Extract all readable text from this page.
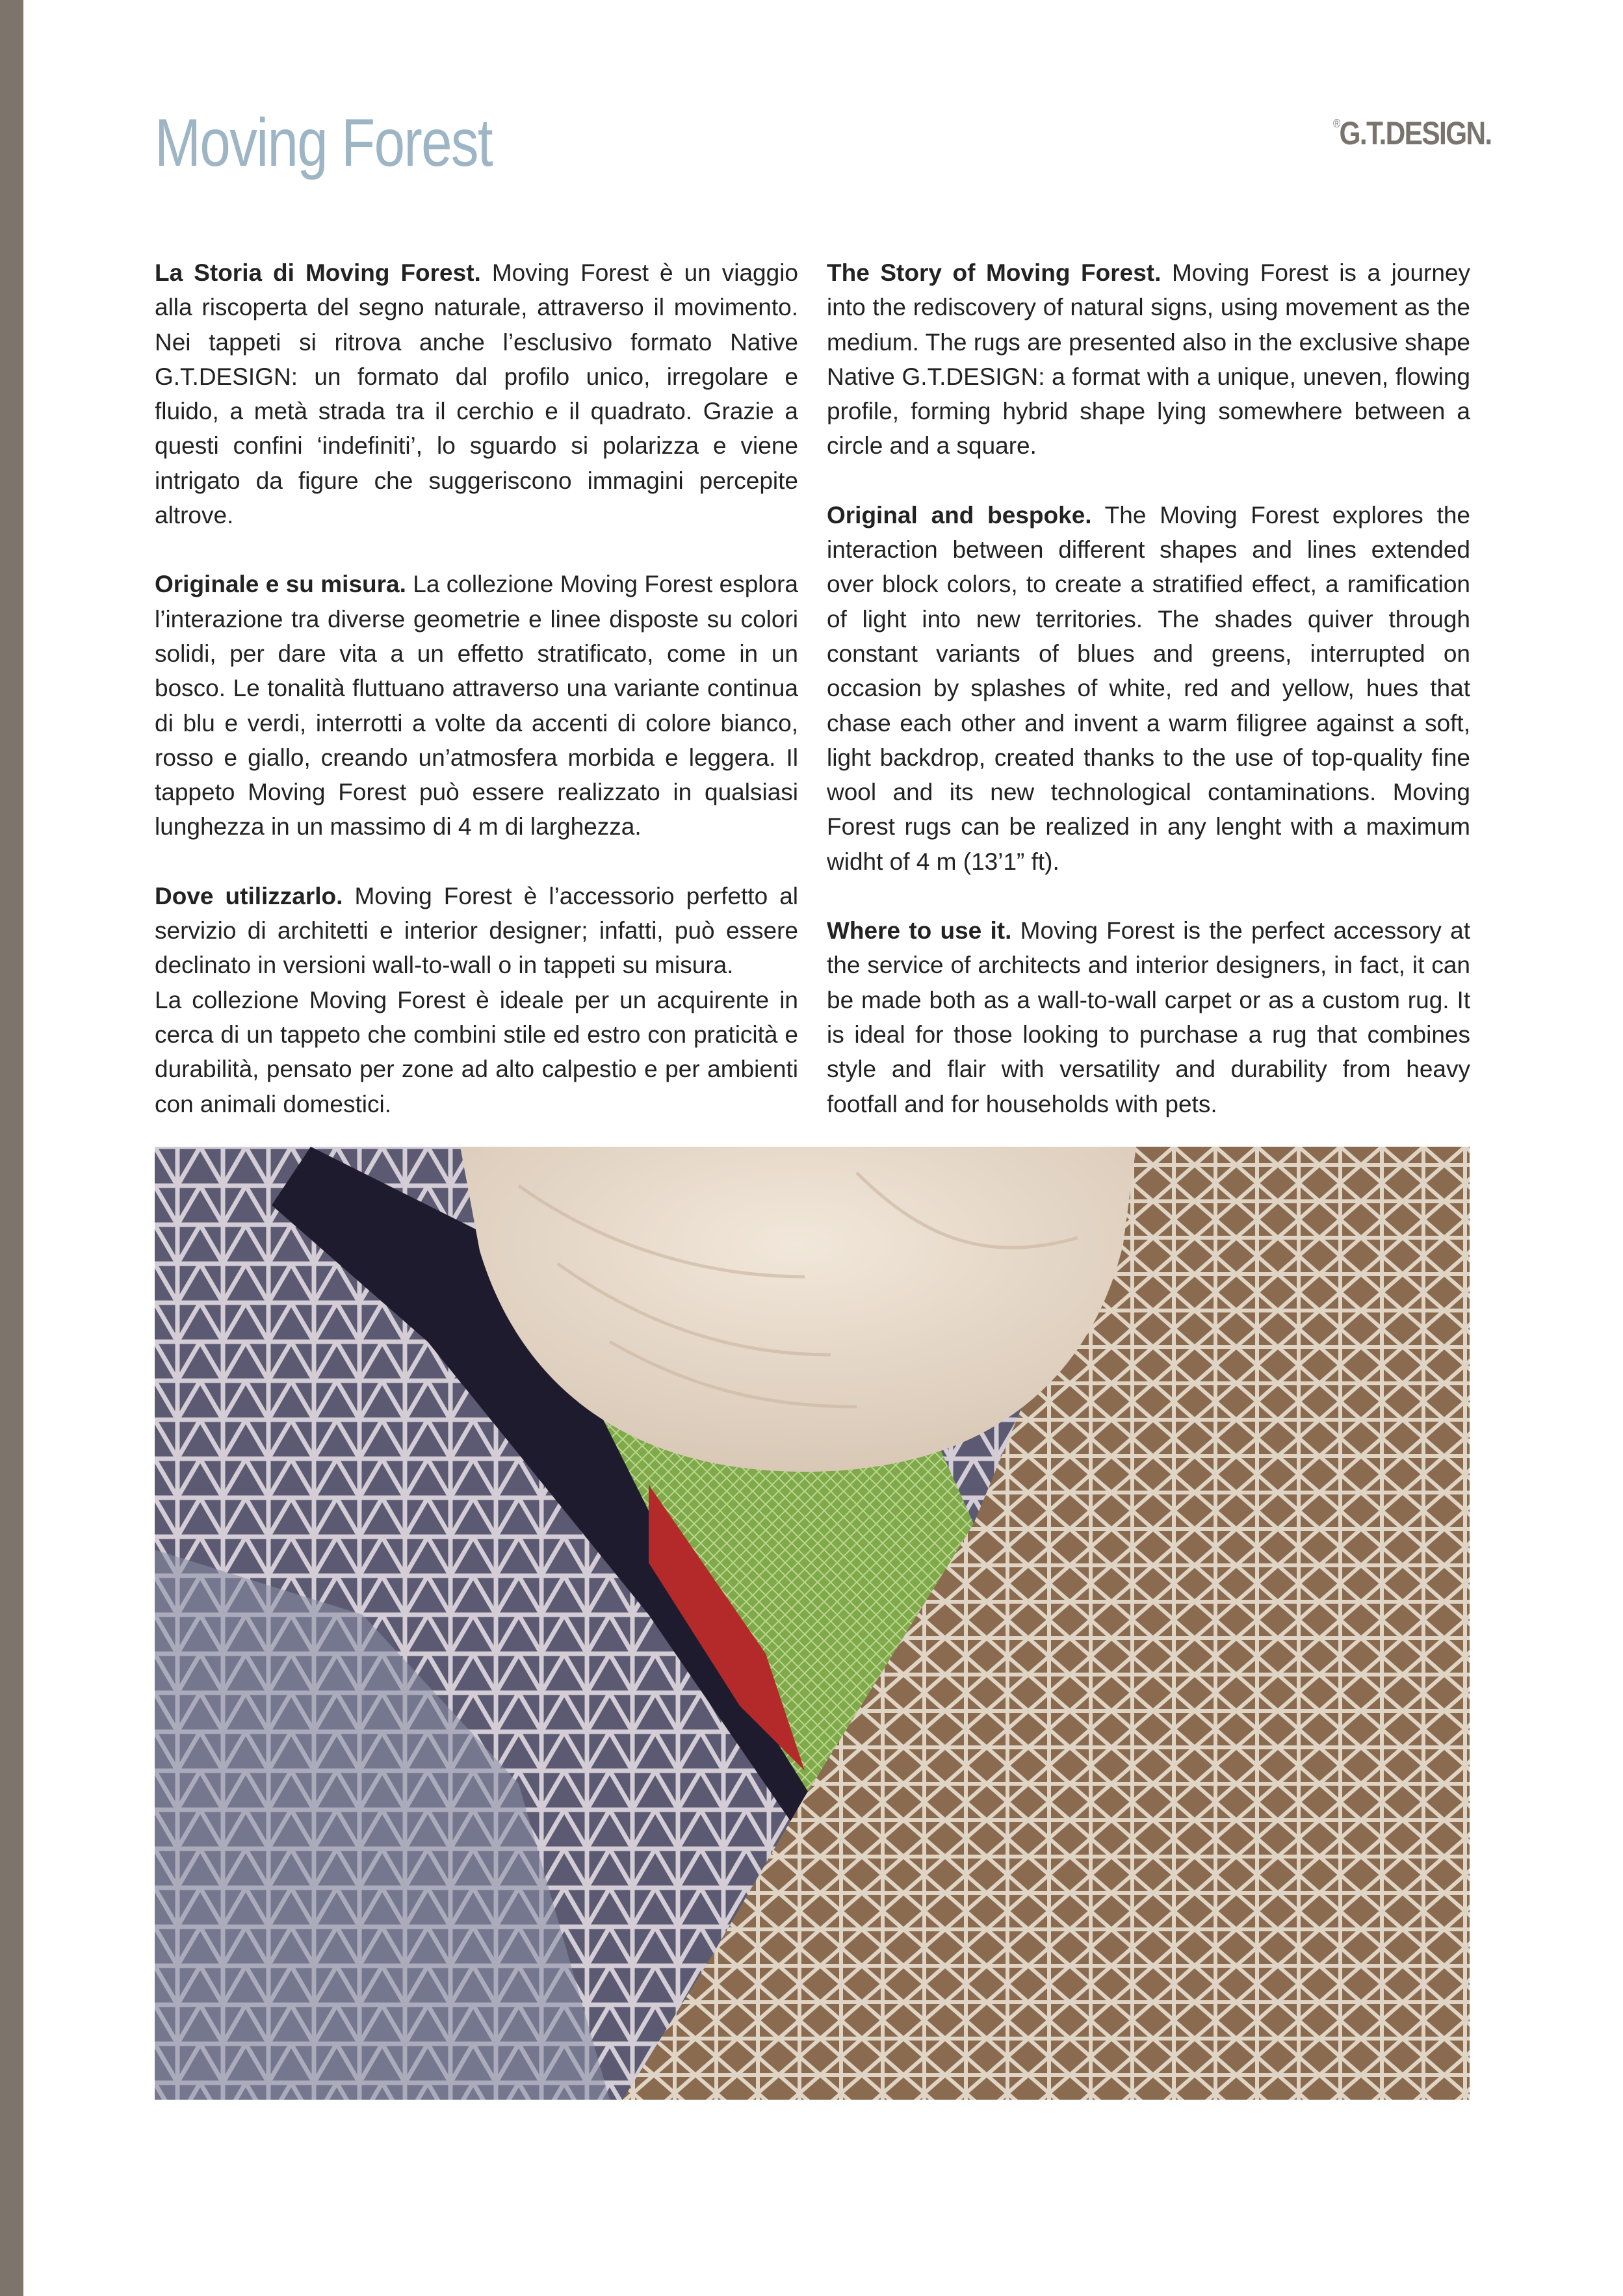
Moving Forest	®G.T.DESIGN.

La Storia di Moving Forest. Moving Forest è un viaggio alla riscoperta del segno naturale, attraverso il movimento. Nei tappeti si ritrova anche l’esclusivo formato Native G.T.DESIGN: un formato dal profilo unico, irregolare e fluido, a metà strada tra il cerchio e il quadrato. Grazie a questi confini ‘indefiniti’, lo sguardo si polarizza e viene intrigato da figure che suggeriscono immagini percepite altrove.

Originale e su misura. La collezione Moving Forest esplora l’interazione tra diverse geometrie e linee disposte su colori solidi, per dare vita a un effetto stratificato, come in un bosco. Le tonalità fluttuano attraverso una variante continua di blu e verdi, interrotti a volte da accenti di colore bianco, rosso e giallo, creando un’atmosfera morbida e leggera. Il tappeto Moving Forest può essere realizzato in qualsiasi lunghezza in un massimo di 4 m di larghezza.

Dove utilizzarlo. Moving Forest è l’accessorio perfetto al servizio di architetti e interior designer; infatti, può essere declinato in versioni wall-to-wall o in tappeti su misura.

La collezione Moving Forest è ideale per un acquirente in cerca di un tappeto che combini stile ed estro con praticità e durabilità, pensato per zone ad alto calpestio e per ambienti con animali domestici.

The Story of Moving Forest. Moving Forest is a journey into the rediscovery of natural signs, using movement as the medium. The rugs are presented also in the exclusive shape Native G.T.DESIGN: a format with a unique, uneven, flowing profile, forming hybrid shape lying somewhere between a circle and a square.

Original and bespoke. The Moving Forest explores the interaction between different shapes and lines extended over block colors, to create a stratified effect, a ramification of light into new territories. The shades quiver through constant variants of blues and greens, interrupted on occasion by splashes of white, red and yellow, hues that chase each other and invent a warm filigree against a soft, light backdrop, created thanks to the use of top-quality fine wool and its new technological contaminations. Moving Forest rugs can be realized in any lenght with a maximum widht of 4 m (13’1” ft).

Where to use it. Moving Forest is the perfect accessory at the service of architects and interior designers, in fact, it can be made both as a wall-to-wall carpet or as a custom rug. It is ideal for those looking to purchase a rug that combines style and flair with versatility and durability from heavy footfall and for households with pets.
